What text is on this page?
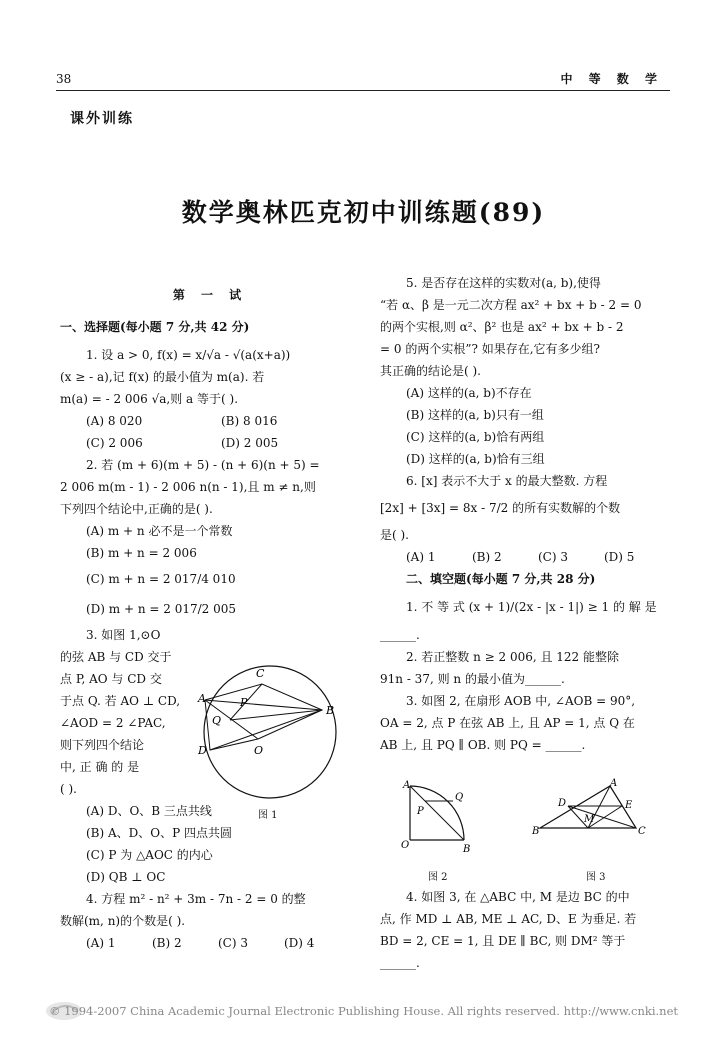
38	中 等 数 学
课外训练
数学奥林匹克初中训练题(89)

第 一 试

一、选择题(每小题 7 分,共 42 分)

1. 设 a > 0, f(x) = x/√a - √(a(x+a))

(x ≥ - a),记 f(x) 的最小值为 m(a). 若

m(a) = - 2 006 √a,则 a 等于( ).

(A) 8 020	(B) 8 016
(C) 2 006	(D) 2 005

2. 若 (m + 6)(m + 5) - (n + 6)(n + 5) =

2 006 m(m - 1) - 2 006 n(n - 1),且 m ≠ n,则

下列四个结论中,正确的是( ).

(A) m + n 必不是一个常数

(B) m + n = 2 006

(C) m + n = 2 017/4 010

(D) m + n = 2 017/2 005

3. 如图 1,⊙O

的弦 AB 与 CD 交于

点 P, AO 与 CD 交

于点 Q. 若 AO ⊥ CD,

∠AOD = 2 ∠PAC,

则下列四个结论

中, 正 确 的 是

( ).

(A) D、O、B 三点共线

(B) A、D、O、P 四点共圆

(C) P 为 △AOC 的内心

(D) QB ⊥ OC

4. 方程 m² - n² + 3m - 7n - 2 = 0 的整

数解(m, n)的个数是( ).

(A) 1	(B) 2	(C) 3	(D) 4
C
A
B
D	O
P
Q
图 1

5. 是否存在这样的实数对(a, b),使得

“若 α、β 是一元二次方程 ax² + bx + b - 2 = 0

的两个实根,则 α²、β² 也是 ax² + bx + b - 2

= 0 的两个实根”? 如果存在,它有多少组?

其正确的结论是( ).

(A) 这样的(a, b)不存在

(B) 这样的(a, b)只有一组

(C) 这样的(a, b)恰有两组

(D) 这样的(a, b)恰有三组

6. [x] 表示不大于 x 的最大整数. 方程

[2x] + [3x] = 8x - 7/2 的所有实数解的个数

是( ).

(A) 1	(B) 2	(C) 3	(D) 5

二、填空题(每小题 7 分,共 28 分)

1. 不 等 式 (x + 1)/(2x - |x - 1|) ≥ 1 的 解 是

______.

2. 若正整数 n ≥ 2 006, 且 122 能整除

91n - 37, 则 n 的最小值为______.

3. 如图 2, 在扇形 AOB 中, ∠AOB = 90°,

OA = 2, 点 P 在弦 AB 上, 且 AP = 1, 点 Q 在

AB 上, 且 PQ ∥ OB. 则 PQ = ______.

A
Q
P
O	B
图 2
A
B	C
D	E
M
图 3

4. 如图 3, 在 △ABC 中, M 是边 BC 的中

点, 作 MD ⊥ AB, ME ⊥ AC, D、E 为垂足. 若

BD = 2, CE = 1, 且 DE ∥ BC, 则 DM² 等于

______.

© 1994-2007 China Academic Journal Electronic Publishing House. All rights reserved. http://www.cnki.net
